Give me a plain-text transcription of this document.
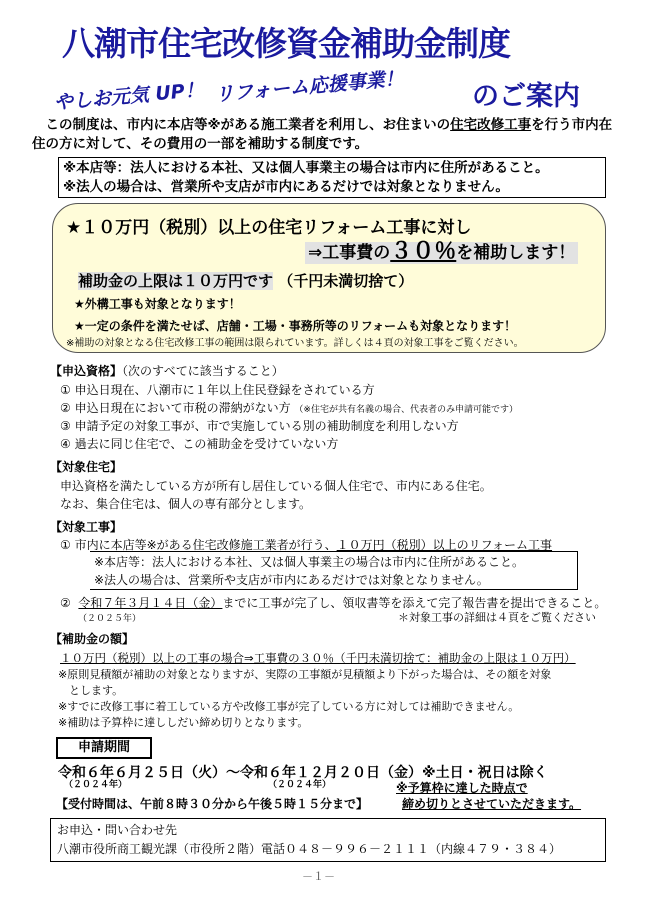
八潮市住宅改修資金補助金制度
やしお元気 UP！ リフォーム応援事業！	のご案内
　この制度は、市内に本店等※がある施工業者を利用し、お住まいの住宅改修工事を行う市内在住の方に対して、その費用の一部を補助する制度です。
※本店等：法人における本社、又は個人事業主の場合は市内に住所があること。
※法人の場合は、営業所や支店が市内にあるだけでは対象となりません。
★１０万円（税別）以上の住宅リフォーム工事に対し
⇒工事費の３０％を補助します！
補助金の上限は１０万円です （千円未満切捨て）
★外構工事も対象となります！
★一定の条件を満たせば、店舗・工場・事務所等のリフォームも対象となります！
※補助の対象となる住宅改修工事の範囲は限られています。詳しくは４頁の対象工事をご覧ください。
【申込資格】（次のすべてに該当すること）
① 申込日現在、八潮市に１年以上住民登録をされている方
② 申込日現在において市税の滞納がない方 （※住宅が共有名義の場合、代表者のみ申請可能です）
③ 申請予定の対象工事が、市で実施している別の補助制度を利用しない方
④ 過去に同じ住宅で、この補助金を受けていない方
【対象住宅】
申込資格を満たしている方が所有し居住している個人住宅で、市内にある住宅。
なお、集合住宅は、個人の専有部分とします。
【対象工事】
① 市内に本店等※がある住宅改修施工業者が行う、１０万円（税別）以上のリフォーム工事
※本店等：法人における本社、又は個人事業主の場合は市内に住所があること。
※法人の場合は、営業所や支店が市内にあるだけでは対象となりません。
② 令和７年３月１４日（金）までに工事が完了し、領収書等を添えて完了報告書を提出できること。
（２０２５年）	＊対象工事の詳細は４頁をご覧ください
【補助金の額】
１０万円（税別）以上の工事の場合⇒工事費の３０％（千円未満切捨て：補助金の上限は１０万円）
※原則見積額が補助の対象となりますが、実際の工事額が見積額より下がった場合は、その額を対象
　とします。
※すでに改修工事に着工している方や改修工事が完了している方に対しては補助できません。
※補助は予算枠に達ししだい締め切りとなります。
申請期間
令和６年６月２５日（火）～令和６年１２月２０日（金）※土日・祝日は除く
（２０２４年）	（２０２４年）	※予算枠に達した時点で
【受付時間は、午前８時３０分から午後５時１５分まで】	締め切りとさせていただきます。
お申込・問い合わせ先
八潮市役所商工観光課（市役所２階）電話０４８－９９６－２１１１（内線４７９・３８４）
－１－
